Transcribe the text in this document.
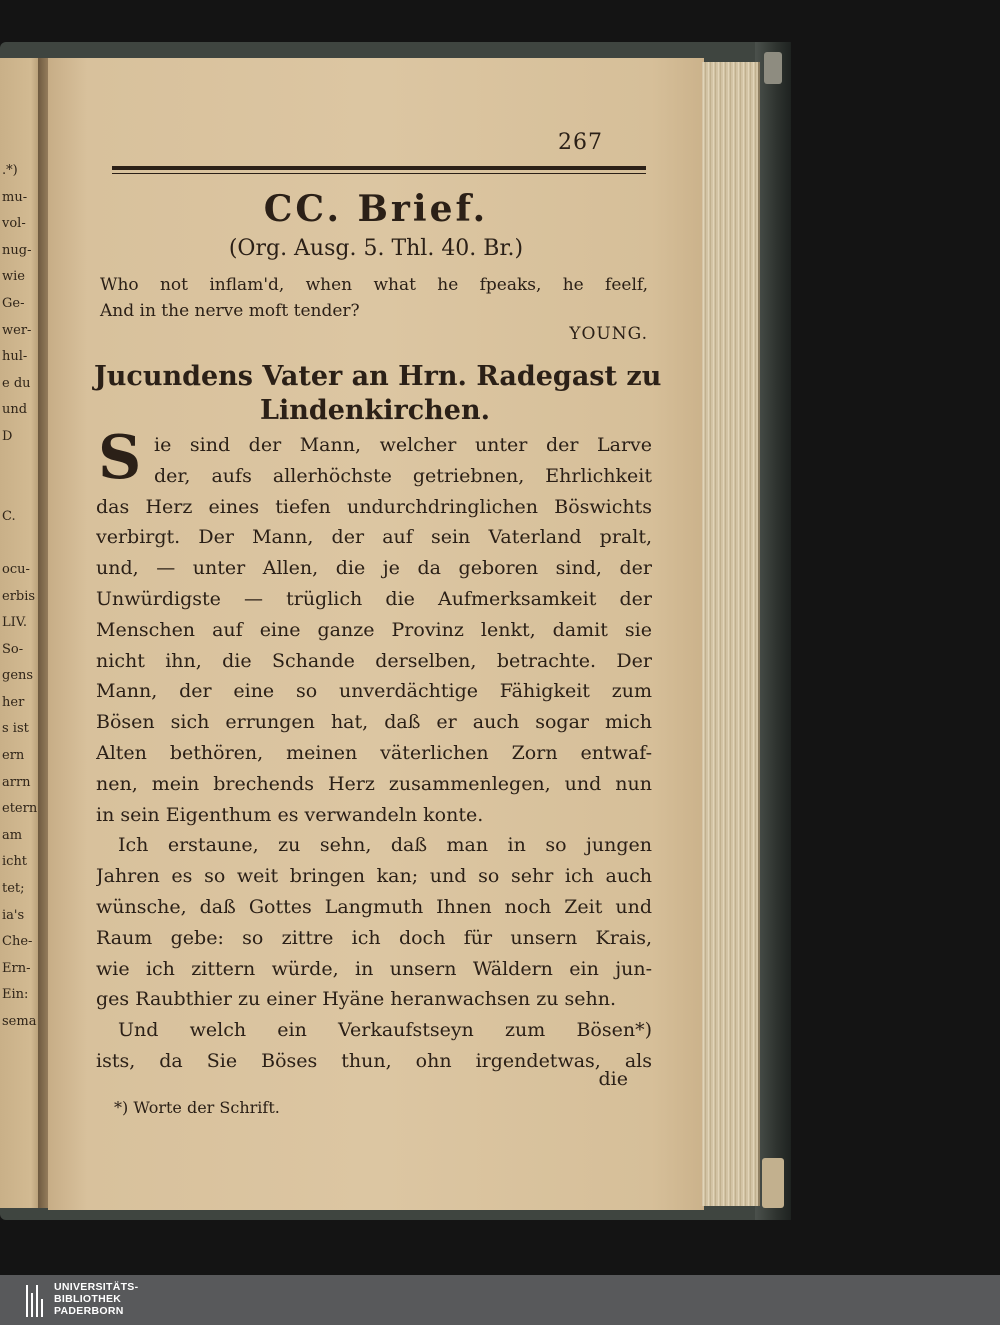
.*)
mu-
vol-
nug-
wie
Ge-
wer-
hul-
e du
und
D
C.
ocu-
erbis
LIV.
So-
gens
her
s ist
ern
arrn
etern
am
icht
tet;
ia's
Che-
Ern-
Ein:
sema
267
CC. Brief.
(Org. Ausg. 5. Thl. 40. Br.)
Who not inflam'd, when what he fpeaks, he feelf,
And in the nerve moft tender?
YOUNG.
Jucundens Vater an Hrn. Radegast zu
Lindenkirchen.
S ie sind der Mann, welcher unter der Larve
der, aufs allerhöchste getriebnen, Ehrlichkeit
das Herz eines tiefen undurchdringlichen Böswichts
verbirgt. Der Mann, der auf sein Vaterland pralt,
und, — unter Allen, die je da geboren sind, der
Unwürdigste — trüglich die Aufmerksamkeit der
Menschen auf eine ganze Provinz lenkt, damit sie
nicht ihn, die Schande derselben, betrachte. Der
Mann, der eine so unverdächtige Fähigkeit zum
Bösen sich errungen hat, daß er auch sogar mich
Alten bethören, meinen väterlichen Zorn entwaf-
nen, mein brechends Herz zusammenlegen, und nun
in sein Eigenthum es verwandeln konte.
Ich erstaune, zu sehn, daß man in so jungen
Jahren es so weit bringen kan; und so sehr ich auch
wünsche, daß Gottes Langmuth Ihnen noch Zeit und
Raum gebe: so zittre ich doch für unsern Krais,
wie ich zittern würde, in unsern Wäldern ein jun-
ges Raubthier zu einer Hyäne heranwachsen zu sehn.
Und welch ein Verkaufstseyn zum Bösen*)
ists, da Sie Böses thun, ohn irgendetwas, als
die
*) Worte der Schrift.
UNIVERSITÄTS-
BIBLIOTHEK
PADERBORN
